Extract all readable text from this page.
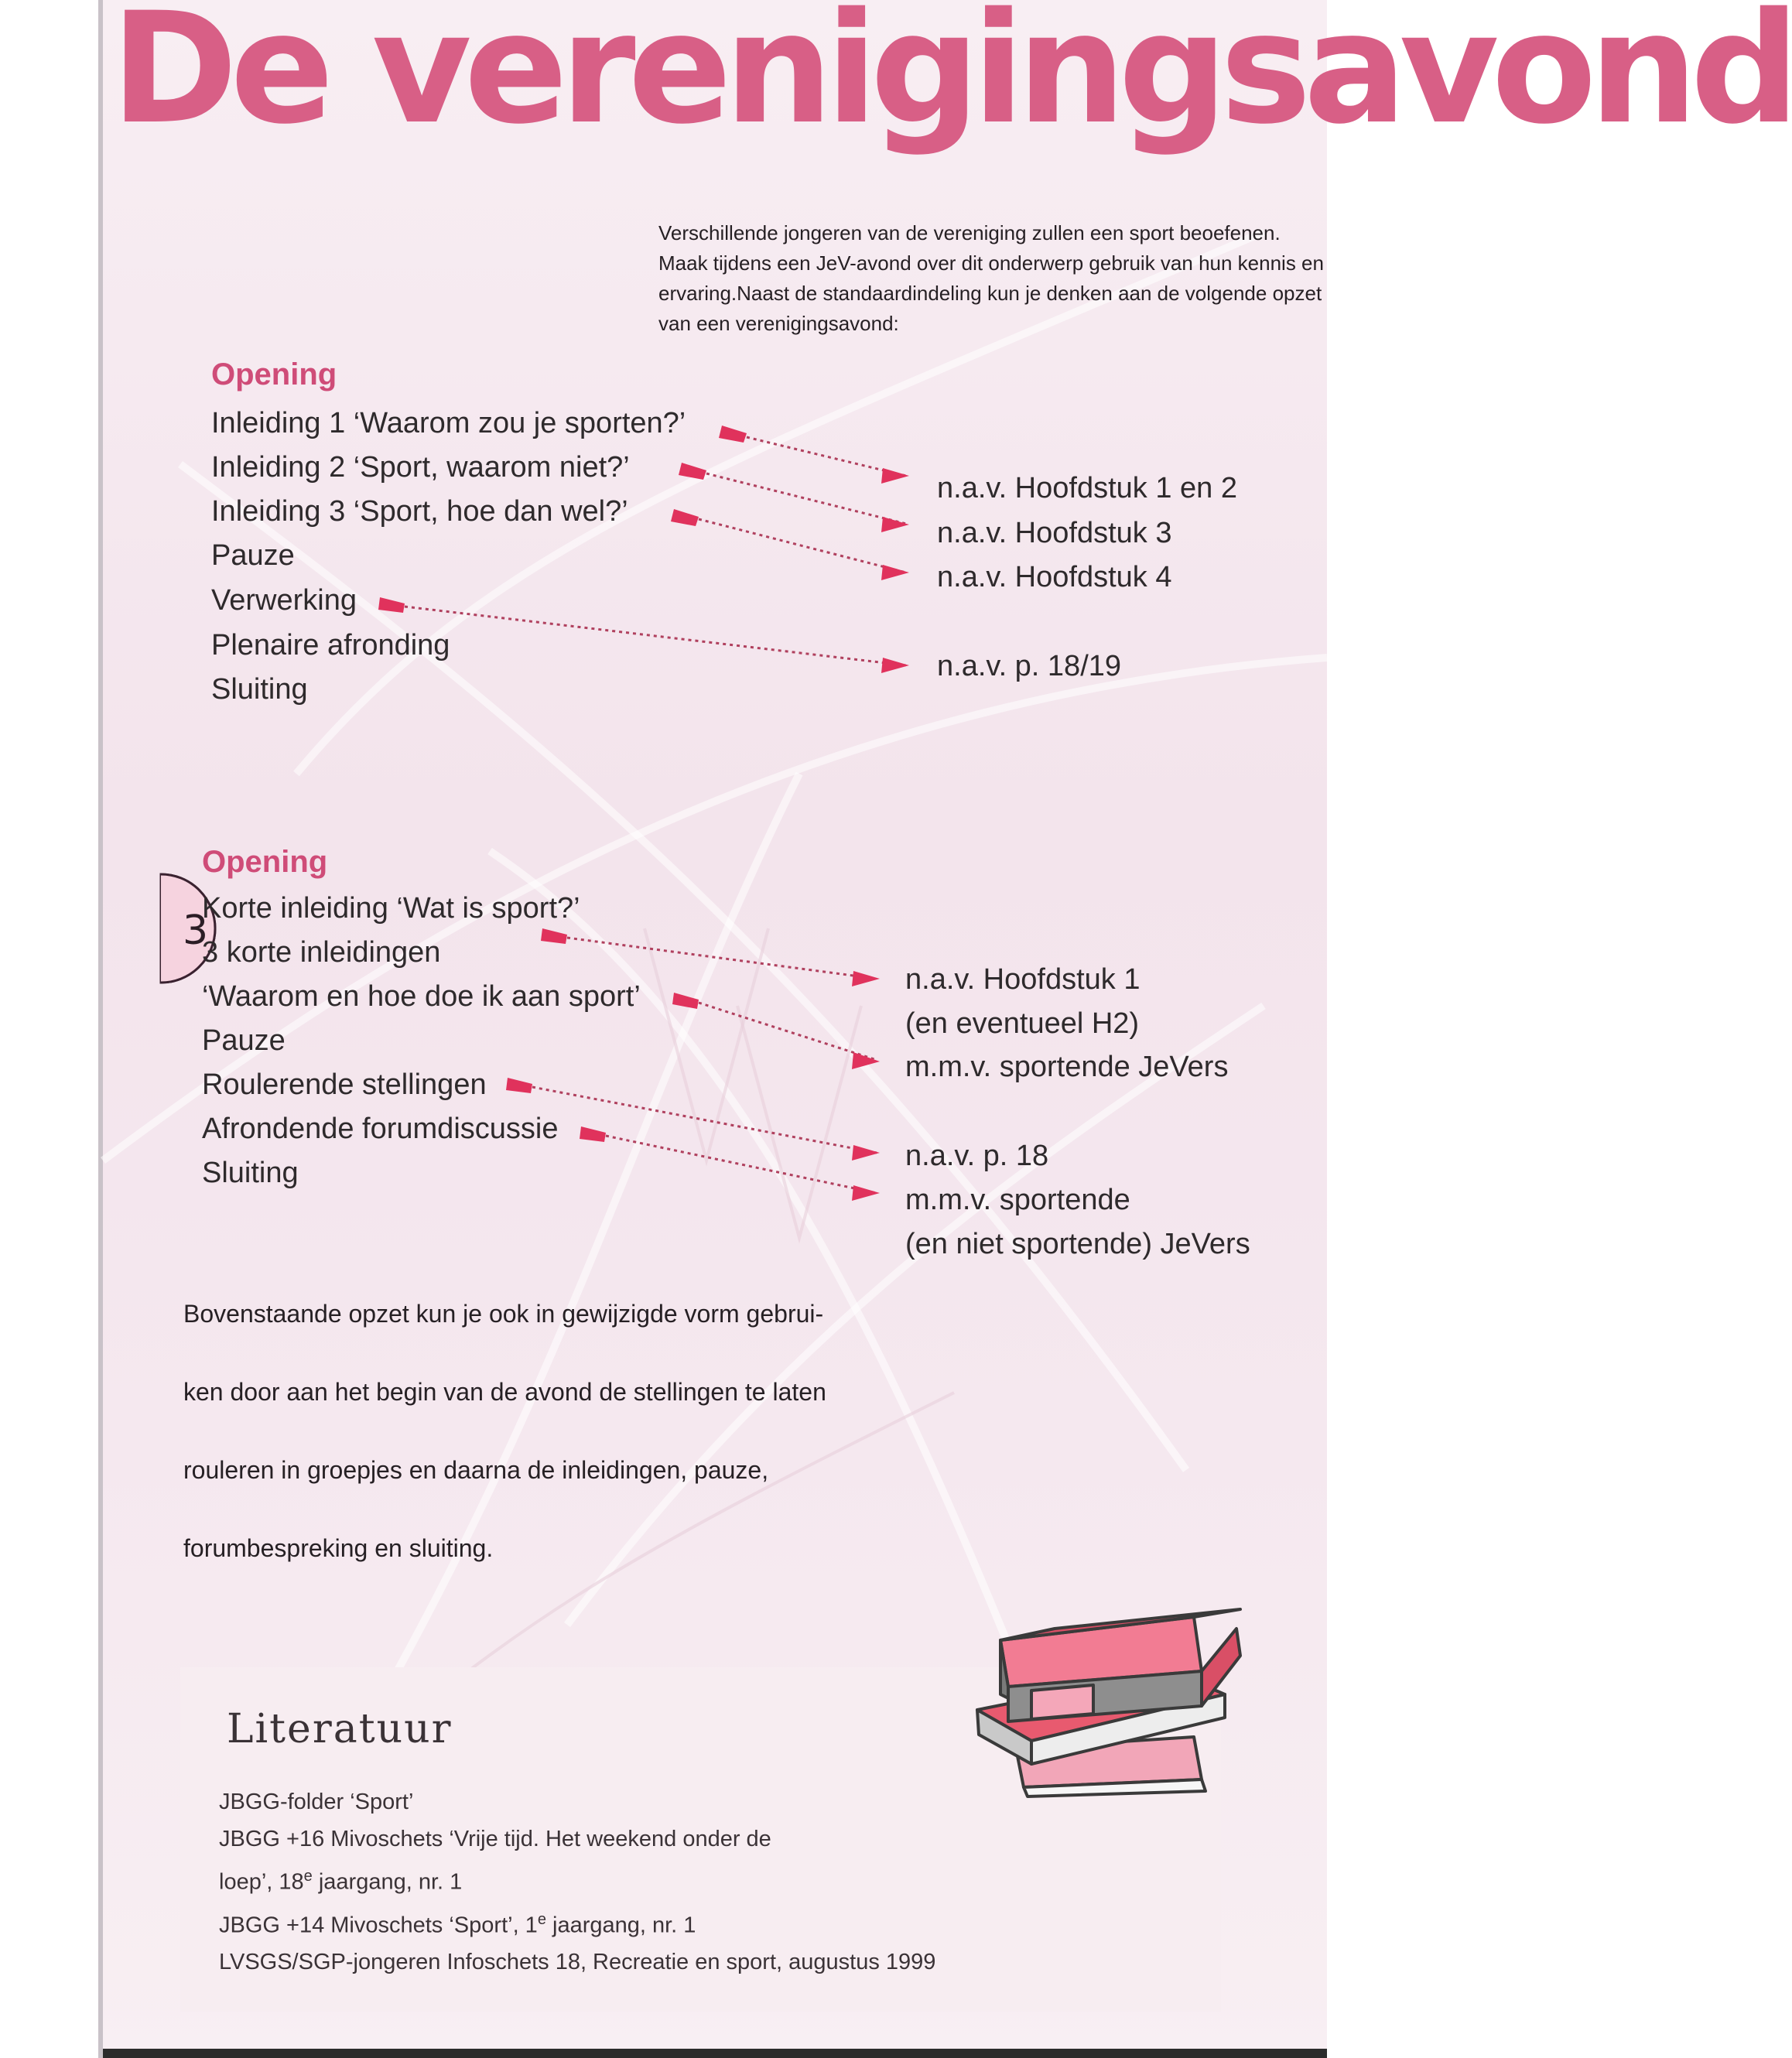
De verenigingsavond
Verschillende jongeren van de vereniging zullen een sport beoefenen. Maak tijdens een JeV-avond over dit onderwerp gebruik van hun kennis en ervaring.Naast de standaardindeling kun je denken aan de volgende opzet van een verenigingsavond:
Opening
Inleiding 1 ‘Waarom zou je sporten?’
Inleiding 2 ‘Sport, waarom niet?’
Inleiding 3 ‘Sport, hoe dan wel?’
Pauze
Verwerking
Plenaire afronding
Sluiting
n.a.v. Hoofdstuk 1 en 2
n.a.v. Hoofdstuk 3
n.a.v. Hoofdstuk 4
n.a.v. p. 18/19
3
Opening
Korte inleiding ‘Wat is sport?’
3 korte inleidingen
‘Waarom en hoe doe ik aan sport’
Pauze
Roulerende stellingen
Afrondende forumdiscussie
Sluiting
n.a.v. Hoofdstuk 1
(en eventueel H2)
m.m.v. sportende JeVers
n.a.v. p. 18
m.m.v. sportende
(en niet sportende) JeVers

Bovenstaande opzet kun je ook in gewijzigde vorm gebrui-

ken door aan het begin van de avond de stellingen te laten

rouleren in groepjes en daarna de inleidingen, pauze,

forumbespreking en sluiting.

Literatuur

JBGG-folder ‘Sport’

JBGG +16 Mivoschets ‘Vrije tijd. Het weekend onder de

loep’, 18e jaargang, nr. 1

JBGG +14 Mivoschets ‘Sport’, 1e jaargang, nr. 1

LVSGS/SGP-jongeren Infoschets 18, Recreatie en sport, augustus 1999
